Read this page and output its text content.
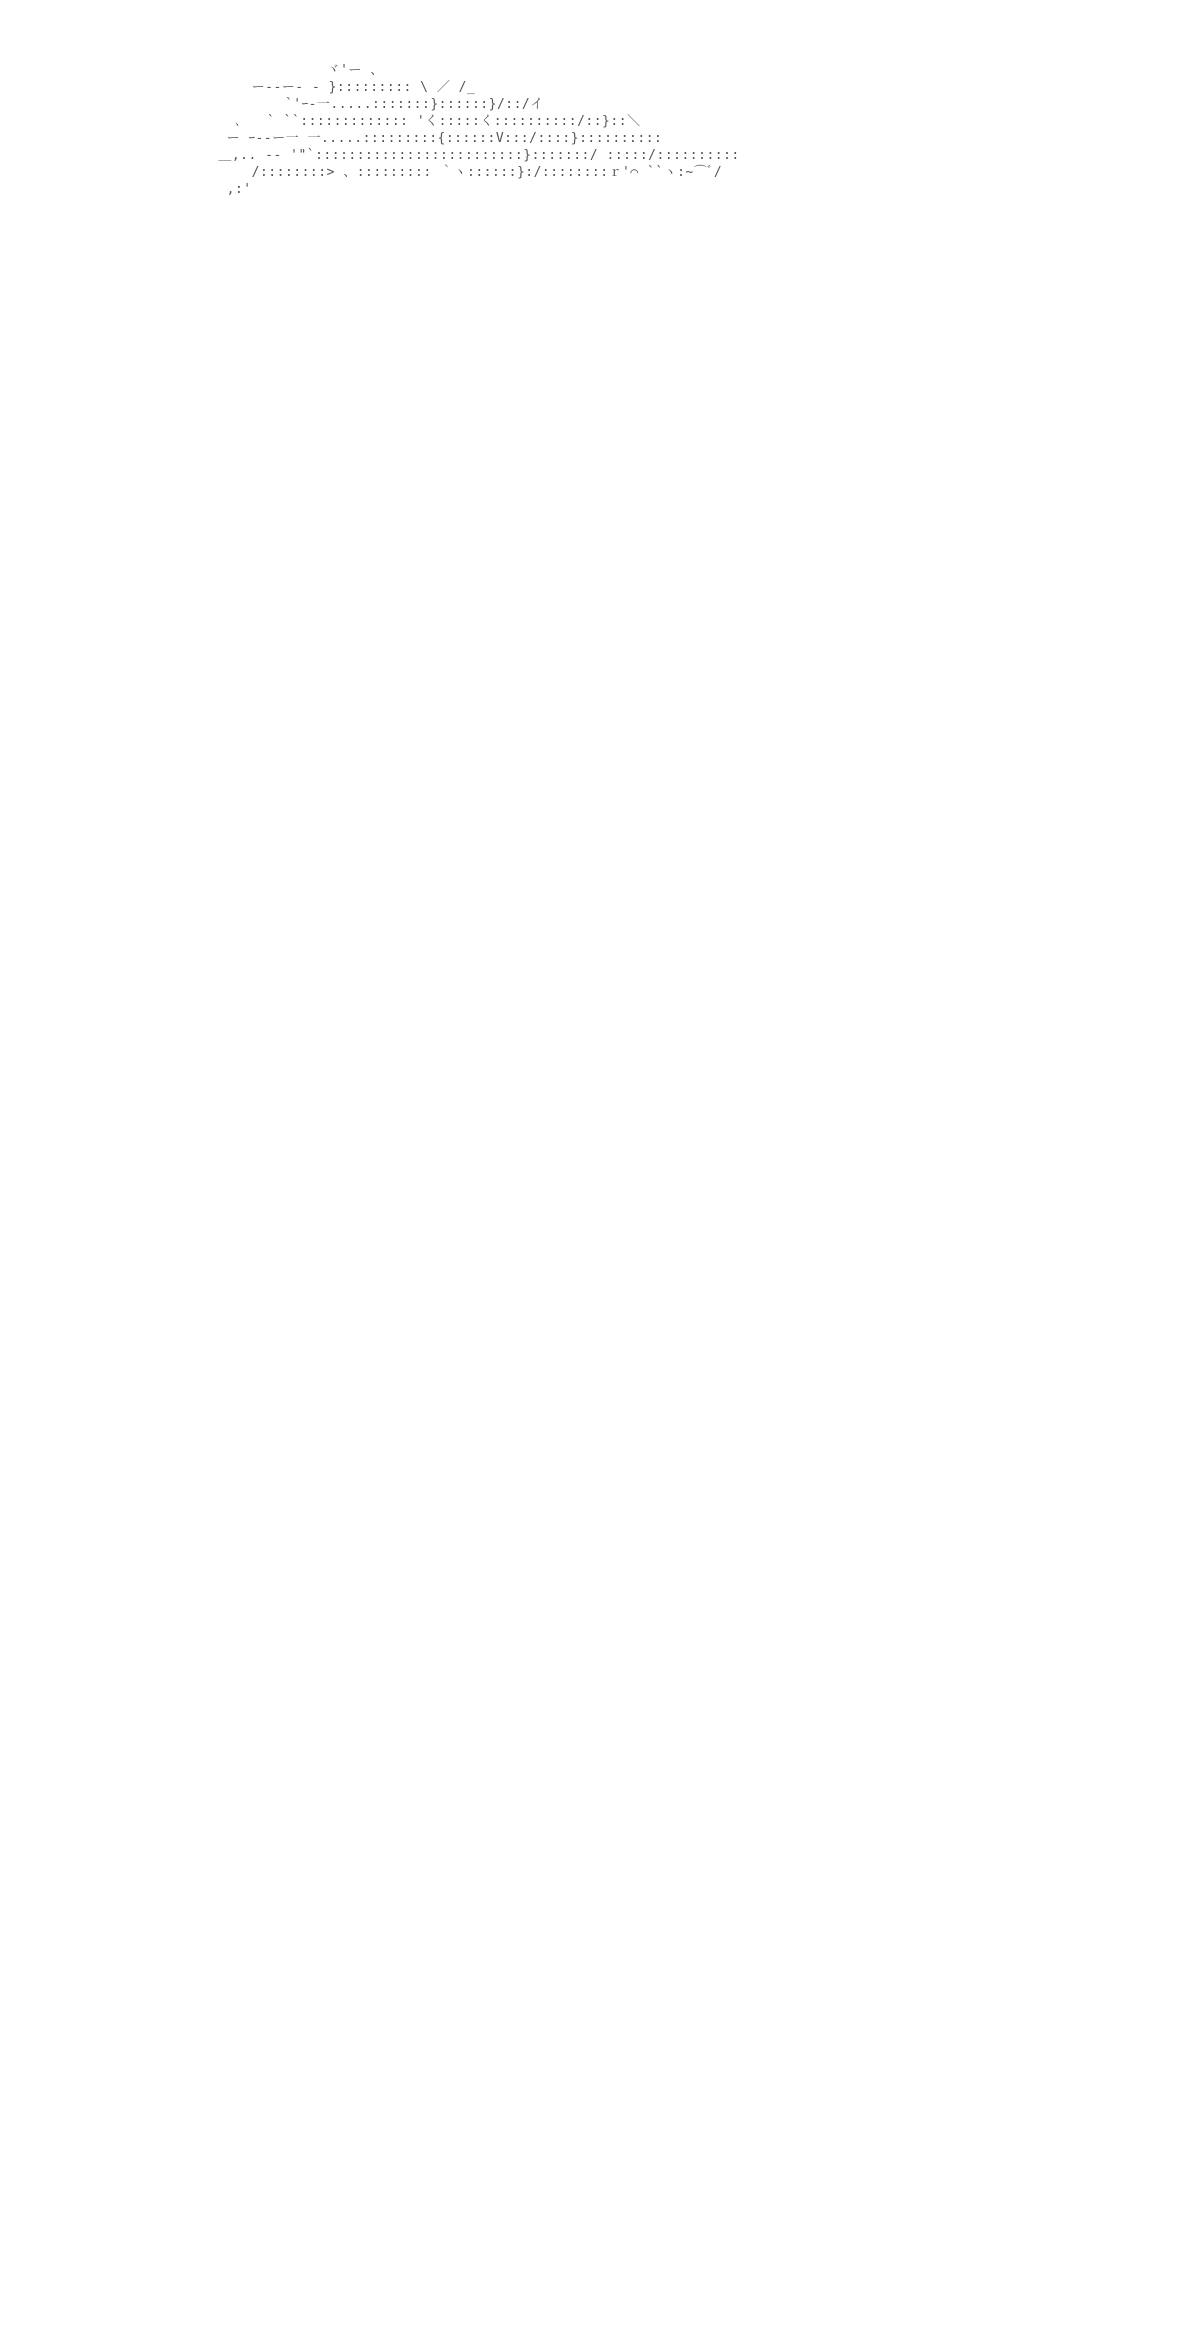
ヾ'ー 、
ー--ー- ‐ }::::::::: \ ／ /_
`'ｰ‐一.....:::::::}::::::}/::/イ
､   ` ``::::::::::::: 'く:::::く::::::::::/::}::＼
ー ｰ--ー一 一.....:::::::::{::::::V:::/::::}::::::::::
＿,.. -‐ '"`:::::::::::::::::::::::::}:::::::/ :::::/::::::::::
/::::::::> 、::::::::: ｀ヽ::::::}:/::::::::ｒ'⌒ ``ヽ:~⌒ﾞ/
,:'
